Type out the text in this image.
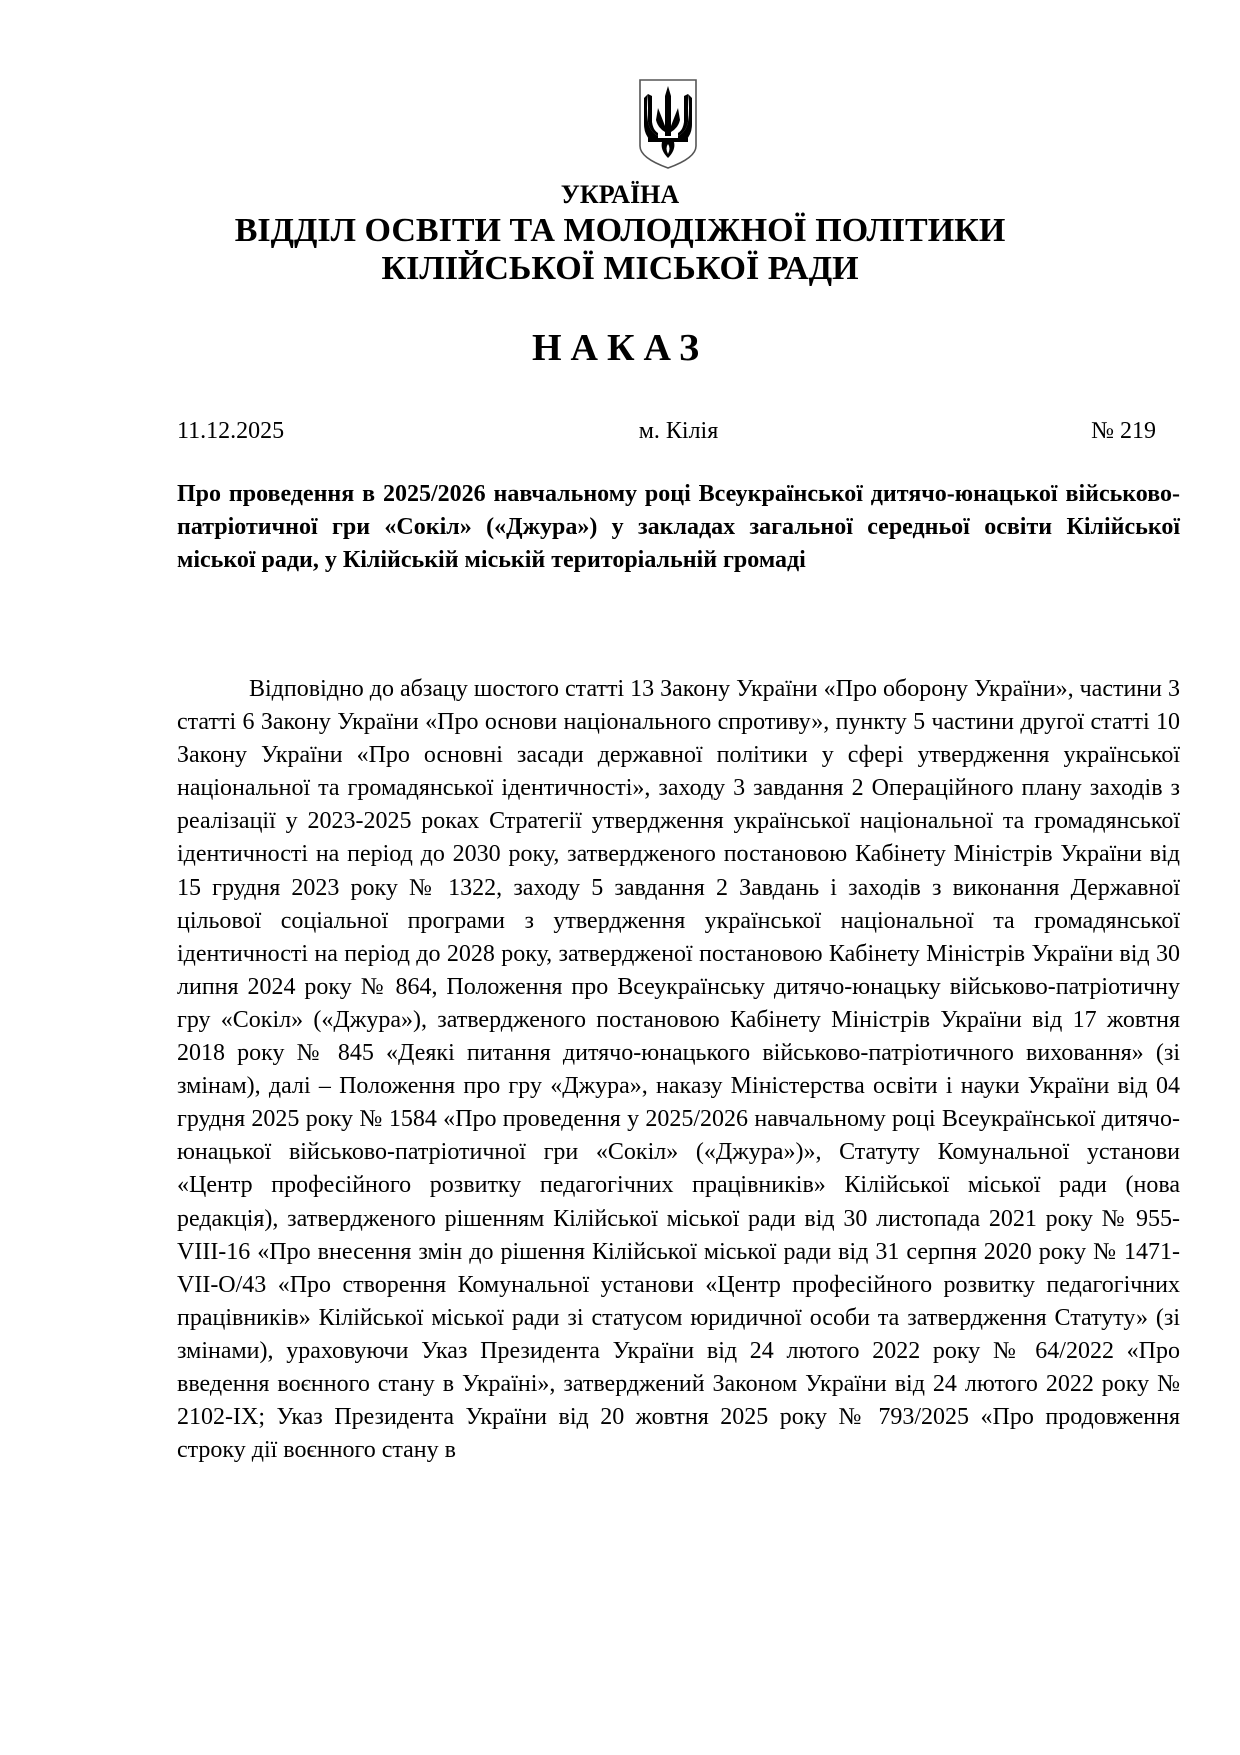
УКРАЇНА
ВІДДІЛ ОСВІТИ ТА МОЛОДІЖНОЇ ПОЛІТИКИ
КІЛІЙСЬКОЇ МІСЬКОЇ РАДИ
НАКАЗ
11.12.2025	м. Кілія	№ 219
Про проведення в 2025/2026 навчальному році Всеукраїнської дитячо-юнацької військово-патріотичної гри «Сокіл» («Джура») у закладах загальної середньої освіти Кілійської міської ради, у Кілійській міській територіальній громаді
Відповідно до абзацу шостого статті 13 Закону України «Про оборону України», частини 3 статті 6 Закону України «Про основи національного спротиву», пункту 5 частини другої статті 10 Закону України «Про основні засади державної політики у сфері утвердження української національної та громадянської ідентичності», заходу 3 завдання 2 Операційного плану заходів з реалізації у 2023-2025 роках Стратегії утвердження української національної та громадянської ідентичності на період до 2030 року, затвердженого постановою Кабінету Міністрів України від 15 грудня 2023 року № 1322, заходу 5 завдання 2 Завдань і заходів з виконання Державної цільової соціальної програми з утвердження української національної та громадянської ідентичності на період до 2028 року, затвердженої постановою Кабінету Міністрів України від 30 липня 2024 року № 864, Положення про Всеукраїнську дитячо-юнацьку військово-патріотичну гру «Сокіл» («Джура»), затвердженого постановою Кабінету Міністрів України від 17 жовтня 2018 року № 845 «Деякі питання дитячо-юнацького військово-патріотичного виховання» (зі змінам), далі – Положення про гру «Джура», наказу Міністерства освіти і науки України від 04 грудня 2025 року № 1584 «Про проведення у 2025/2026 навчальному році Всеукраїнської дитячо-юнацької військово-патріотичної гри «Сокіл» («Джура»)», Статуту Комунальної установи «Центр професійного розвитку педагогічних працівників» Кілійської міської ради (нова редакція), затвердженого рішенням Кілійської міської ради від 30 листопада 2021 року № 955-VIII-16 «Про внесення змін до рішення Кілійської міської ради від 31 серпня 2020 року № 1471-VII-О/43 «Про створення Комунальної установи «Центр професійного розвитку педагогічних працівників» Кілійської міської ради зі статусом юридичної особи та затвердження Статуту» (зі змінами), ураховуючи Указ Президента України від 24 лютого 2022 року № 64/2022 «Про введення воєнного стану в Україні», затверджений Законом України від 24 лютого 2022 року № 2102-IX; Указ Президента України від 20 жовтня 2025 року № 793/2025 «Про продовження строку дії воєнного стану в
